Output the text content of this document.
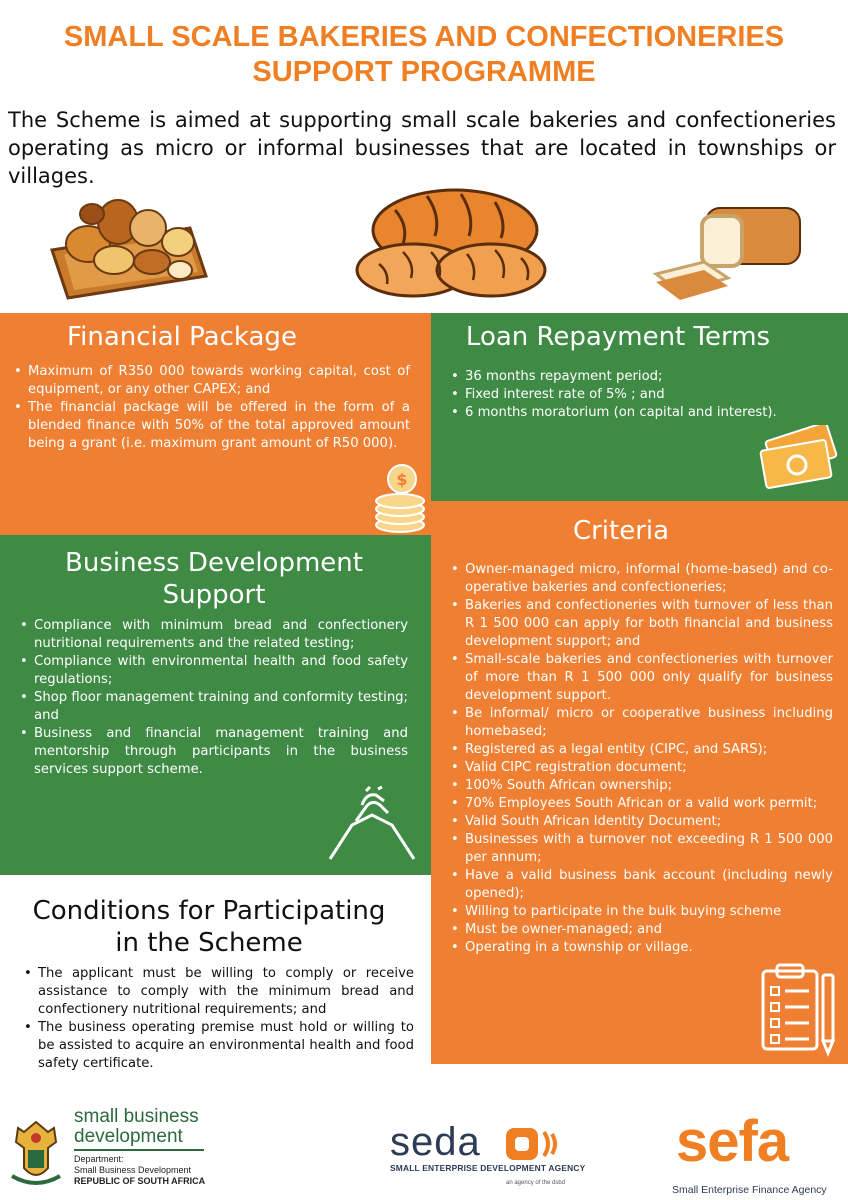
SMALL SCALE BAKERIES AND CONFECTIONERIES
SUPPORT PROGRAMME

The Scheme is aimed at supporting small scale bakeries and confectioneries operating as micro or informal businesses that are located in townships or villages.

Financial Package
• Maximum of R350 000 towards working capital, cost of equipment, or any other CAPEX; and
• The financial package will be offered in the form of a blended finance with 50% of the total approved amount being a grant (i.e. maximum grant amount of R50 000).
$
Loan Repayment Terms
• 36 months repayment period;
• Fixed interest rate of 5% ; and
• 6 months moratorium (on capital and interest).
Criteria
• Owner-managed micro, informal (home-based) and co-operative bakeries and confectioneries;
• Bakeries and confectioneries with turnover of less than R 1 500 000 can apply for both financial and business development support; and
• Small-scale bakeries and confectioneries with turnover of more than R 1 500 000 only qualify for business development support.
• Be informal/ micro or cooperative business including homebased;
• Registered as a legal entity (CIPC, and SARS);
• Valid CIPC registration document;
• 100% South African ownership;
• 70% Employees South African or a valid work permit;
• Valid South African Identity Document;
• Businesses with a turnover not exceeding R 1 500 000 per annum;
• Have a valid business bank account (including newly opened);
• Willing to participate in the bulk buying scheme
• Must be owner-managed; and
• Operating in a township or village.
Business Development
Support
• Compliance with minimum bread and confectionery nutritional requirements and the related testing;
• Compliance with environmental health and food safety regulations;
• Shop floor management training and conformity testing; and
• Business and financial management training and mentorship through participants in the business services support scheme.
Conditions for Participating
in the Scheme
• The applicant must be willing to comply or receive assistance to comply with the minimum bread and confectionery nutritional requirements; and
• The business operating premise must hold or willing to be assisted to acquire an environmental health and food safety certificate.
small business
development
Department:
Small Business Development
REPUBLIC OF SOUTH AFRICA
seda
SMALL ENTERPRISE DEVELOPMENT AGENCY
an agency of the dsbd
sefa
Small Enterprise Finance Agency
